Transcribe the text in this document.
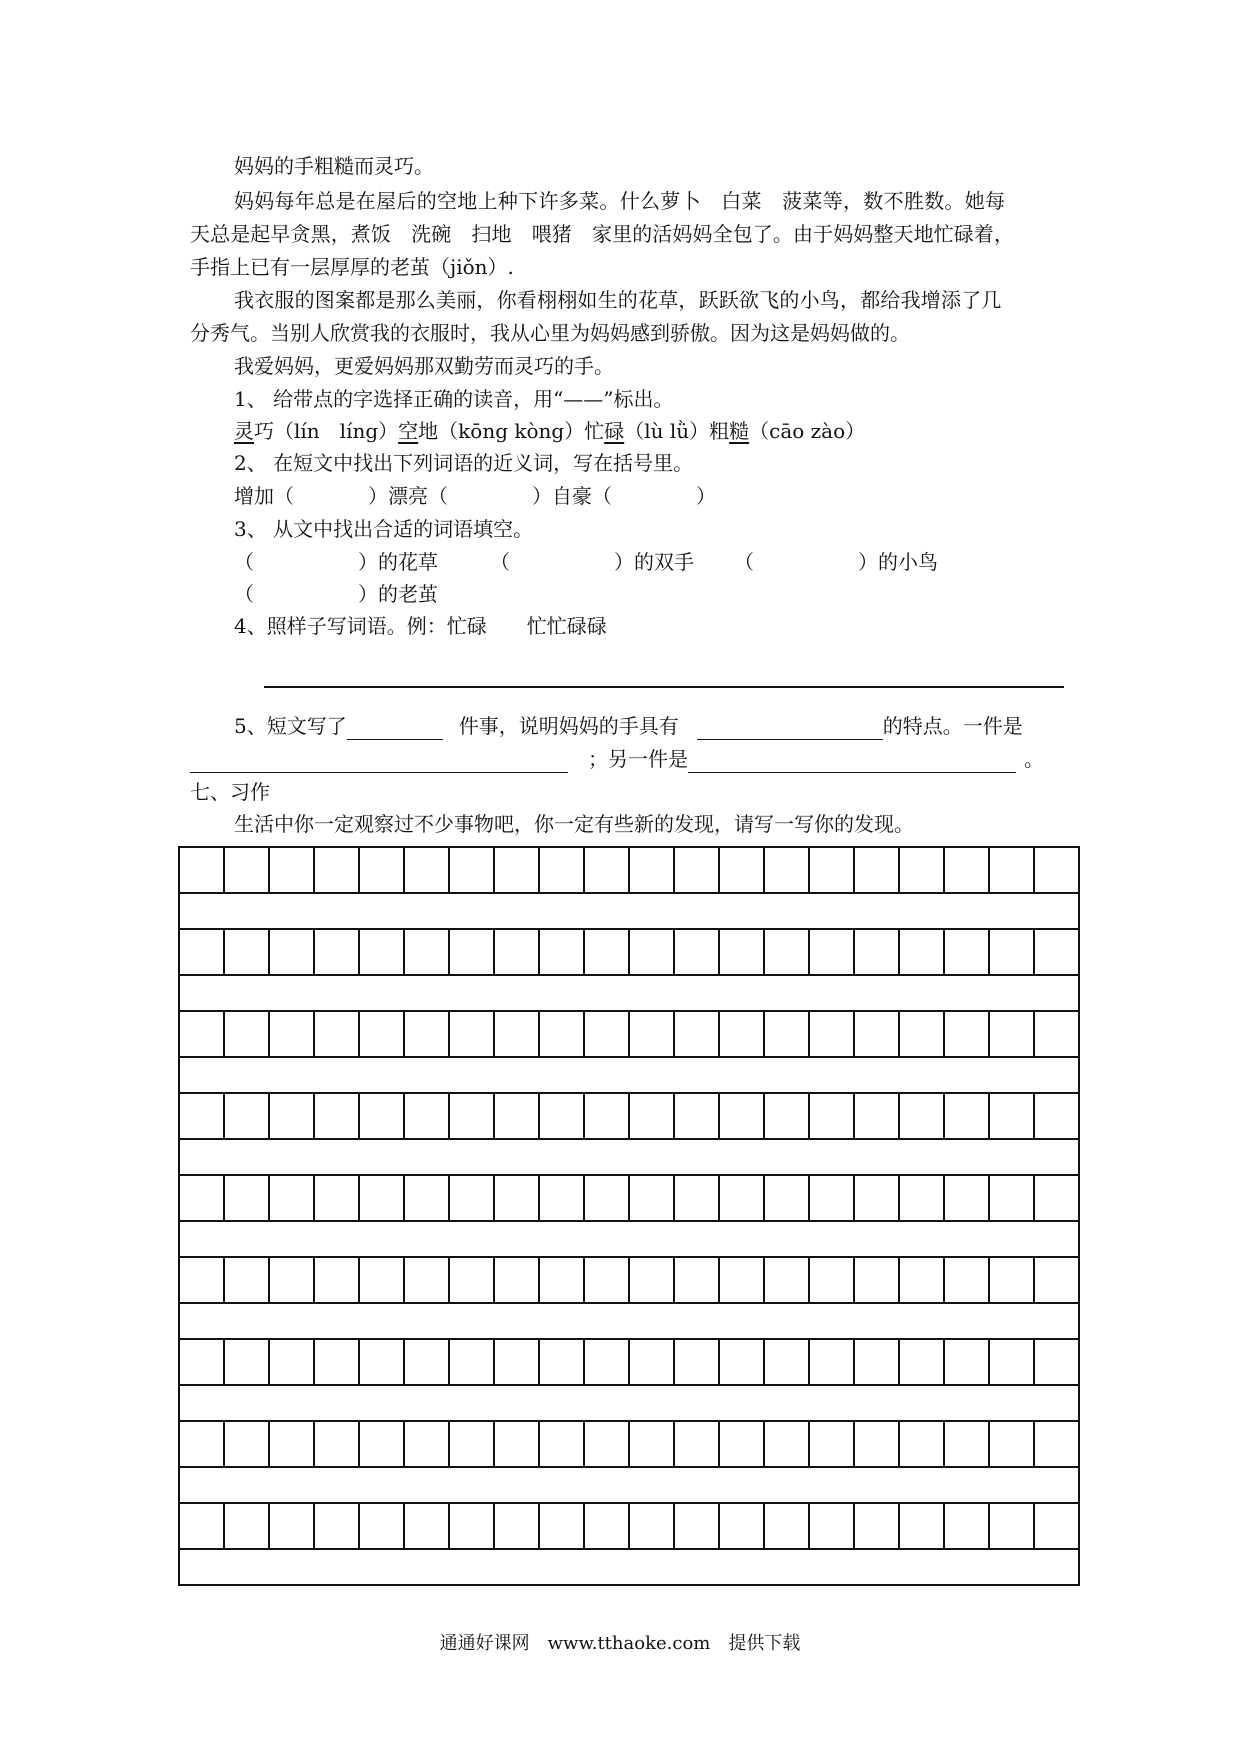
妈妈的手粗糙而灵巧。
妈妈每年总是在屋后的空地上种下许多菜。什么萝卜　白菜　菠菜等，数不胜数。她每
天总是起早贪黑，煮饭　洗碗　扫地　喂猪　家里的活妈妈全包了。由于妈妈整天地忙碌着，
手指上已有一层厚厚的老茧（jiǒn）.
我衣服的图案都是那么美丽，你看栩栩如生的花草，跃跃欲飞的小鸟，都给我增添了几
分秀气。当别人欣赏我的衣服时，我从心里为妈妈感到骄傲。因为这是妈妈做的。
我爱妈妈，更爱妈妈那双勤劳而灵巧的手。
1、 给带点的字选择正确的读音，用“——”标出。
灵巧（lín　líng）空地（kōng kòng）忙碌（lù lǜ）粗糙（cāo zào）
2、 在短文中找出下列词语的近义词，写在括号里。
增加（	）漂亮（	）自豪（	）
3、 从文中找出合适的词语填空。
（	）的花草	（	）的双手 （	）的小鸟
（	）的老茧
4、照样子写词语。例：忙碌　　忙忙碌碌
5、短文写了	件事，说明妈妈的手具有	的特点。一件是
；另一件是	。
七、习作
生活中你一定观察过不少事物吧，你一定有些新的发现，请写一写你的发现。
通通好课网　www.tthaoke.com　提供下载
